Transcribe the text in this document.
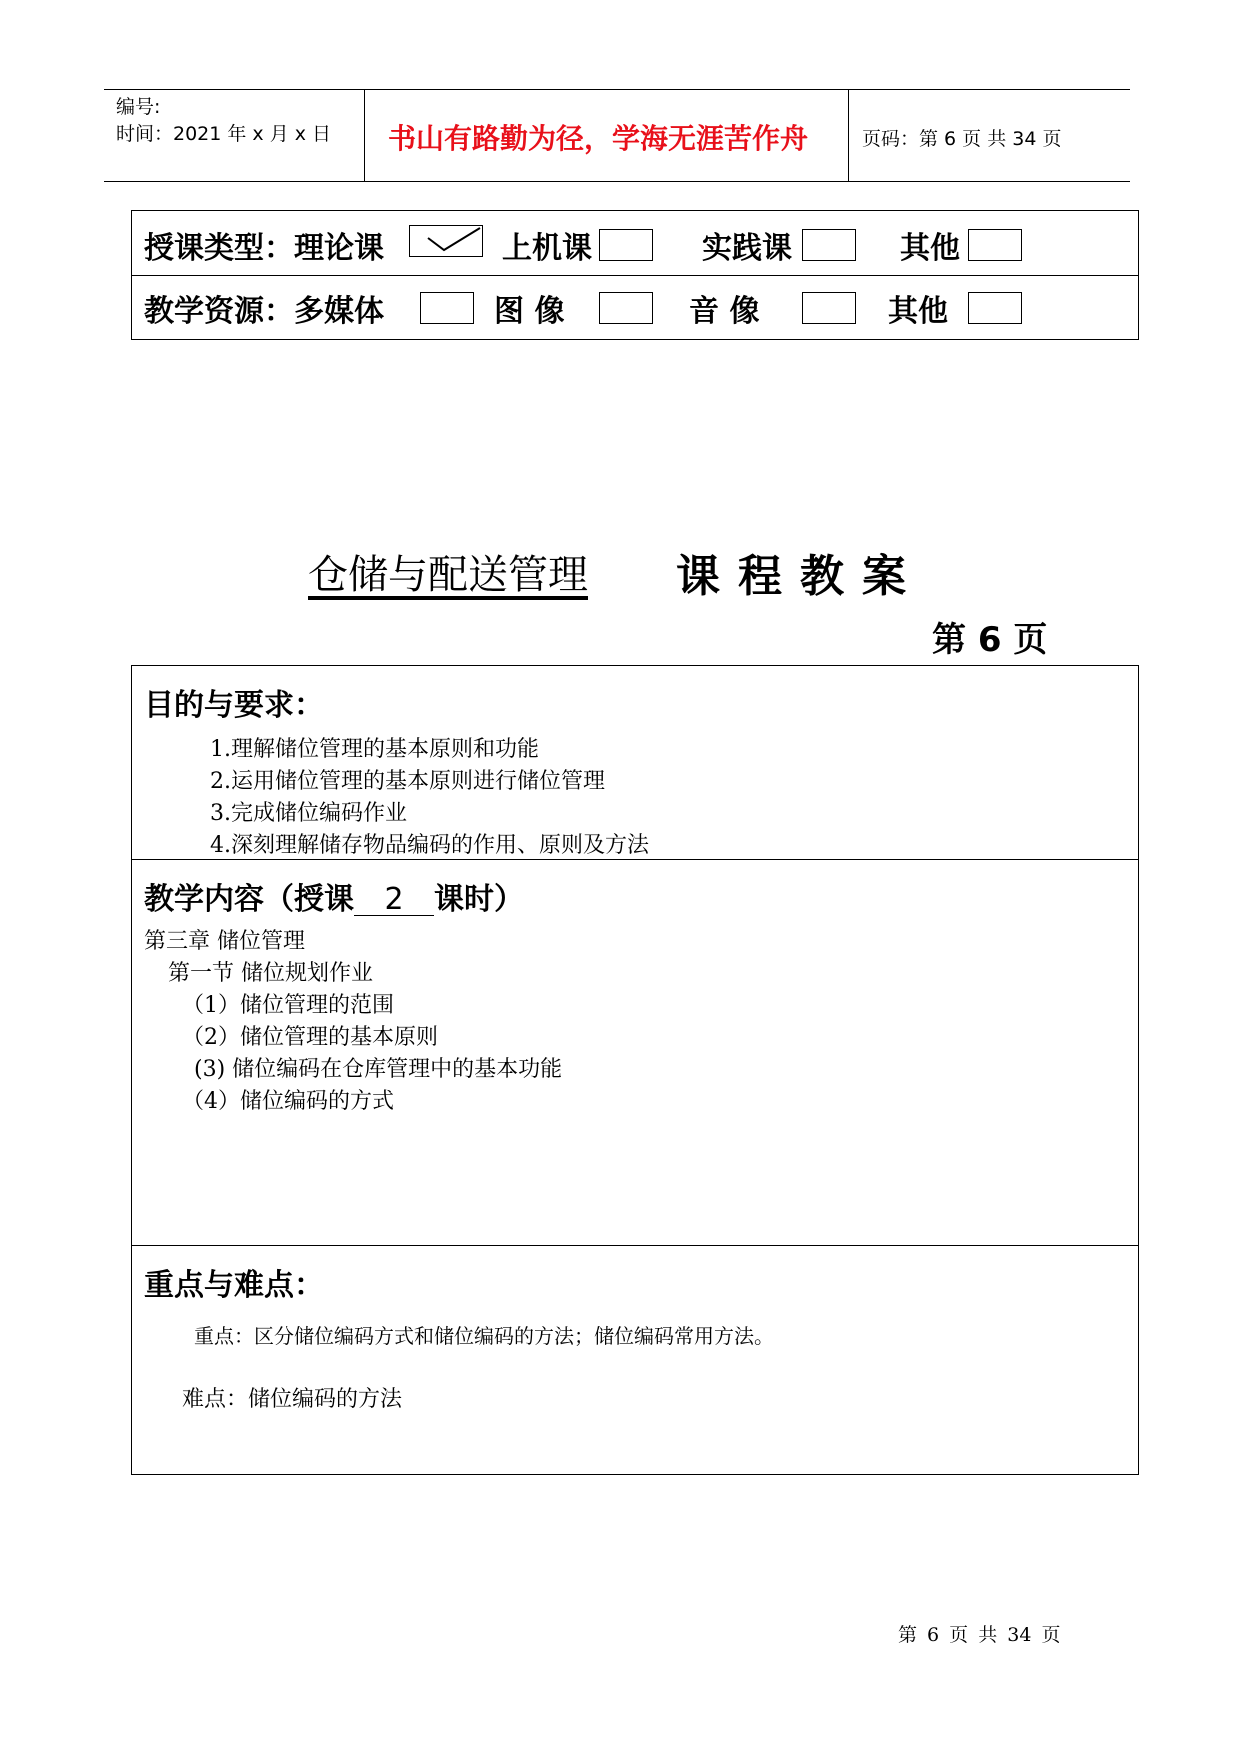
编号:
时间：2021 年 x 月 x 日 书山有路勤为径，学海无涯苦作舟	页码：第 6 页 共 34 页
授课类型：理论课	上机课	实践课	其他
教学资源：多媒体	图 像	音 像	其他
仓储与配送管理 课程教案
第 6 页
目的与要求：
1.理解储位管理的基本原则和功能
2.运用储位管理的基本原则进行储位管理
3.完成储位编码作业
4.深刻理解储存物品编码的作用、原则及方法
教学内容（授课 2 课时）
第三章 储位管理
第一节 储位规划作业
（1）储位管理的范围
（2）储位管理的基本原则
(3) 储位编码在仓库管理中的基本功能
（4）储位编码的方式
重点与难点：
重点：区分储位编码方式和储位编码的方法；储位编码常用方法。
难点：储位编码的方法
第 6 页 共 34 页
